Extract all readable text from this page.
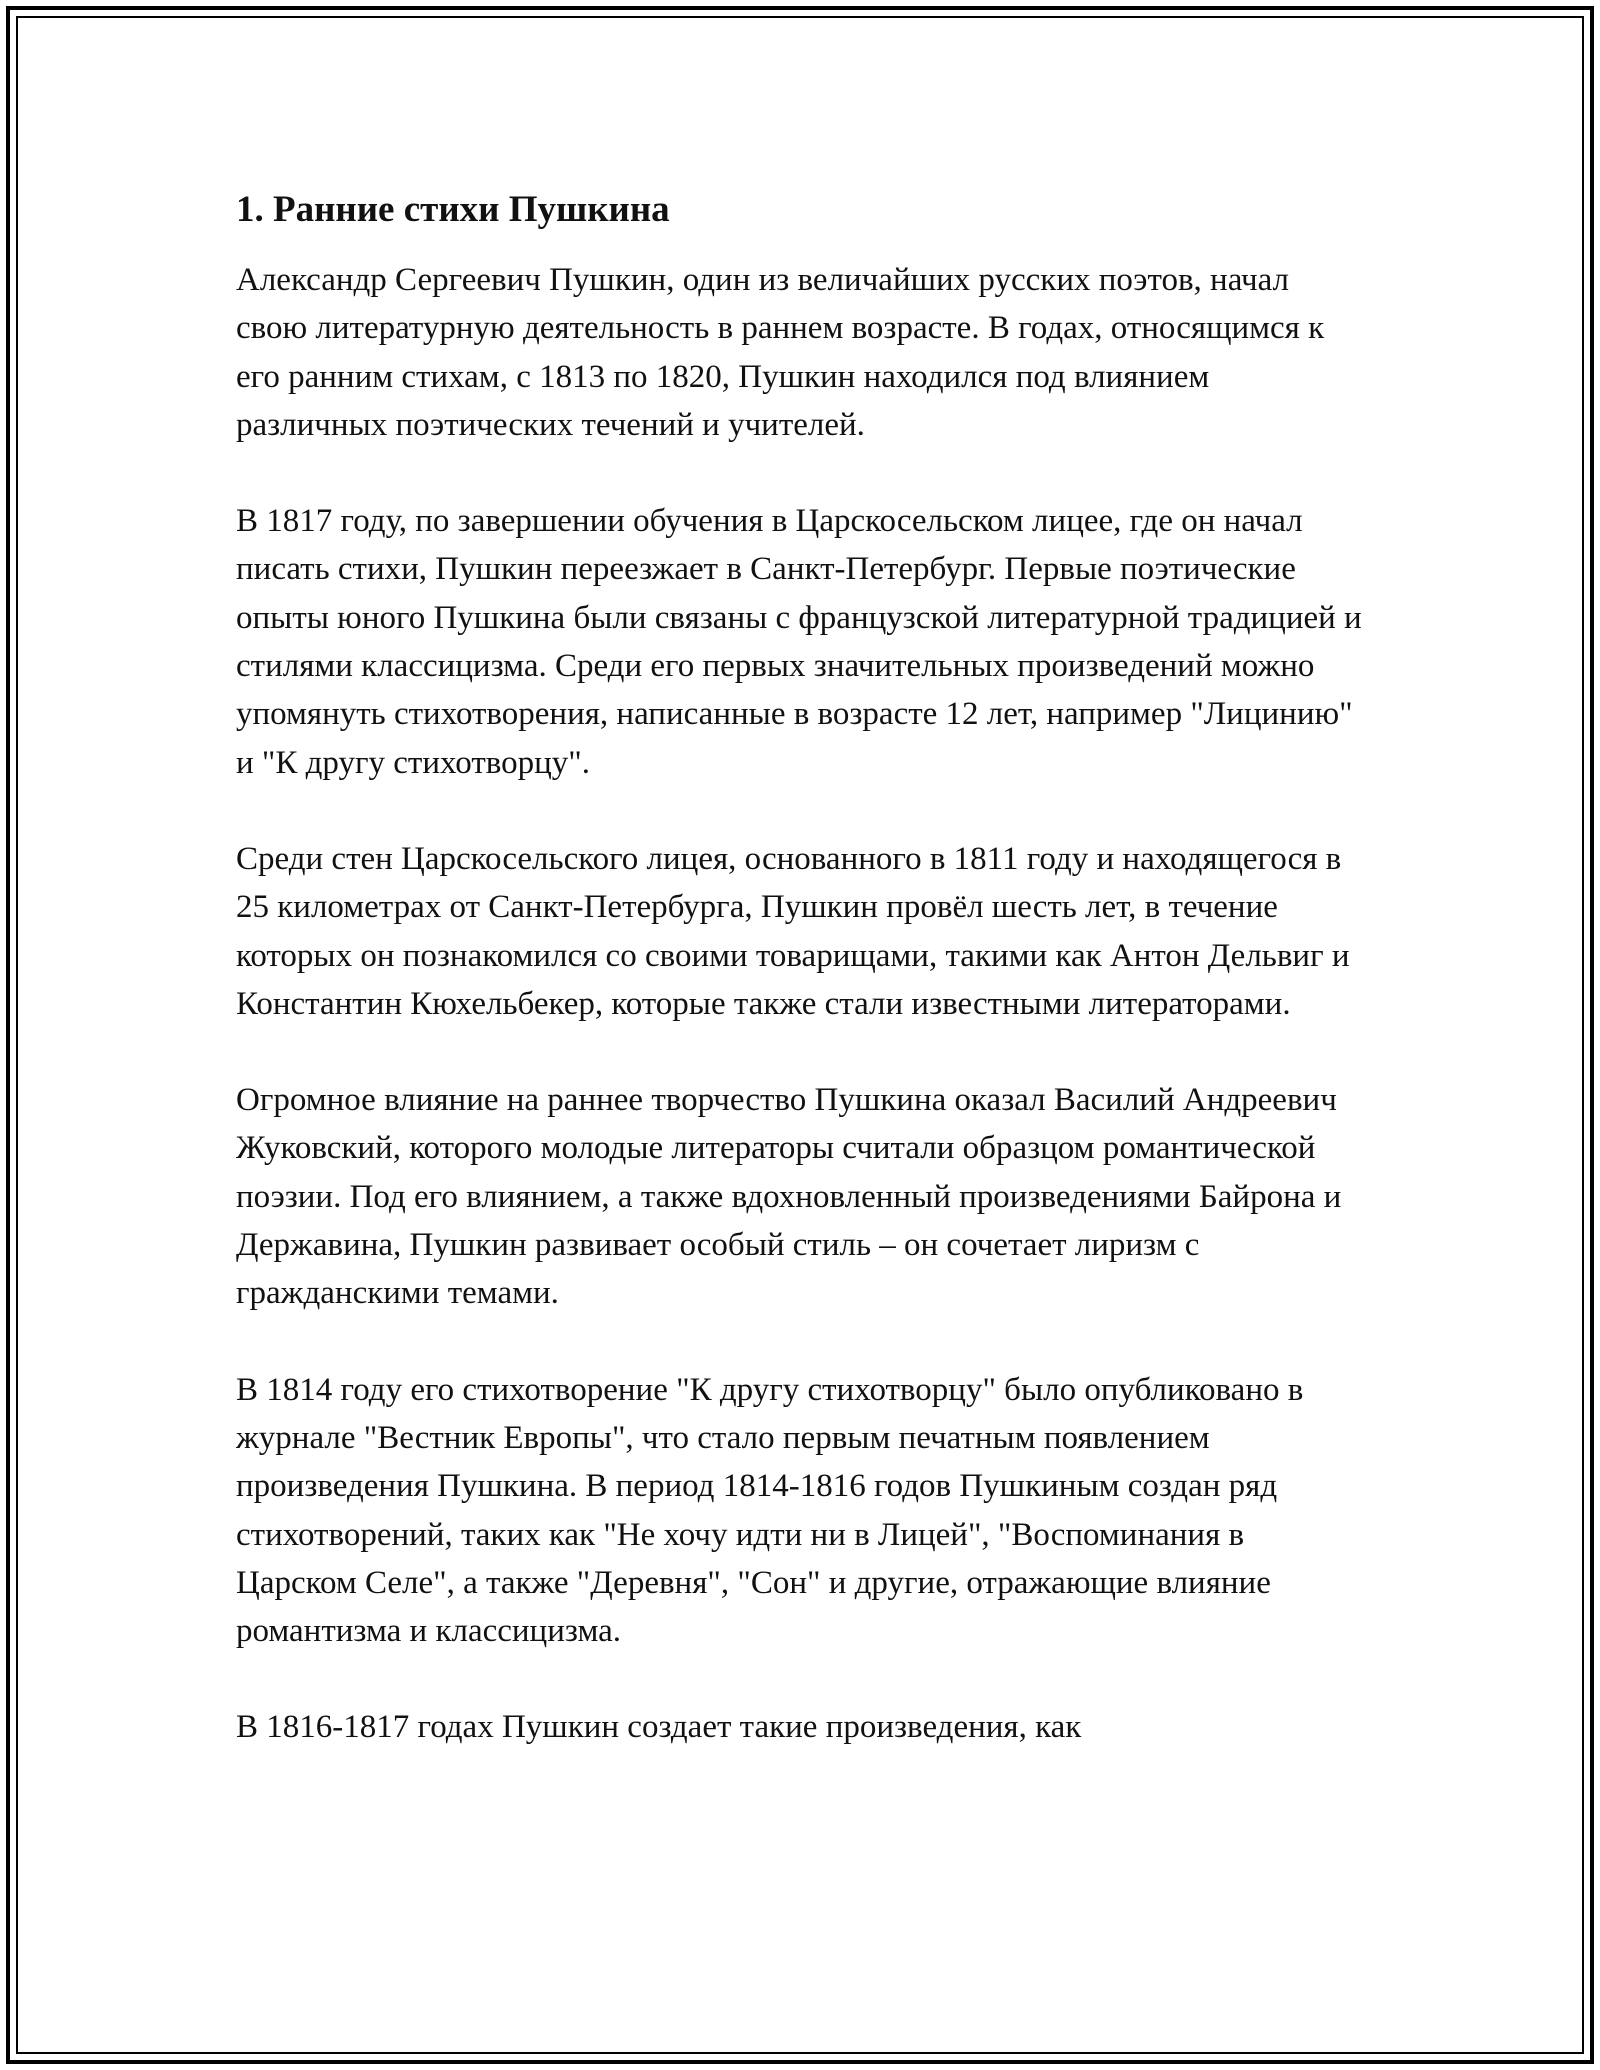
1. Ранние стихи Пушкина

Александр Сергеевич Пушкин, один из величайших русских поэтов, начал свою литературную деятельность в раннем возрасте. В годах, относящимся к его ранним стихам, с 1813 по 1820, Пушкин находился под влиянием различных поэтических течений и учителей.

В 1817 году, по завершении обучения в Царскосельском лицее, где он начал писать стихи, Пушкин переезжает в Санкт-Петербург. Первые поэтические опыты юного Пушкина были связаны с французской литературной традицией и стилями классицизма. Среди его первых значительных произведений можно упомянуть стихотворения, написанные в возрасте 12 лет, например "Лицинию" и "К другу стихотворцу".

Среди стен Царскосельского лицея, основанного в 1811 году и находящегося в 25 километрах от Санкт-Петербурга, Пушкин провёл шесть лет, в течение которых он познакомился со своими товарищами, такими как Антон Дельвиг и Константин Кюхельбекер, которые также стали известными литераторами.

Огромное влияние на раннее творчество Пушкина оказал Василий Андреевич Жуковский, которого молодые литераторы считали образцом романтической поэзии. Под его влиянием, а также вдохновленный произведениями Байрона и Державина, Пушкин развивает особый стиль – он сочетает лиризм с гражданскими темами.

В 1814 году его стихотворение "К другу стихотворцу" было опубликовано в журнале "Вестник Европы", что стало первым печатным появлением произведения Пушкина. В период 1814-1816 годов Пушкиным создан ряд стихотворений, таких как "Не хочу идти ни в Лицей", "Воспоминания в Царском Селе", а также "Деревня", "Сон" и другие, отражающие влияние романтизма и классицизма.

В 1816-1817 годах Пушкин создает такие произведения, как
